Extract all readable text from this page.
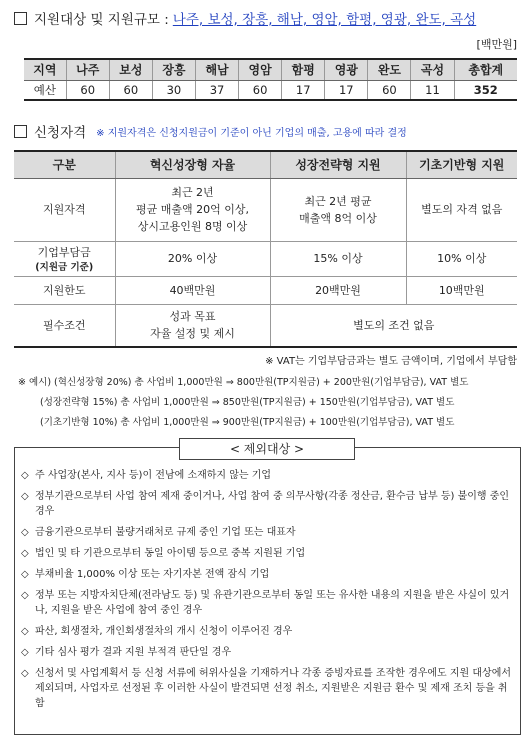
지원대상 및 지원규모 : 나주, 보성, 장흥, 해남, 영암, 함평, 영광, 완도, 곡성
[백만원]
지역	나주	보성	장흥	해남	영암	함평	영광	완도	곡성	총합계
예산	60	60	30	37	60	17	17	60	11	352
신청자격 ※ 지원자격은 신청지원금이 기준이 아닌 기업의 매출, 고용에 따라 결정
구분	혁신성장형 자율	성장전략형 지원	기초기반형 지원
지원자격	최근 2년
평균 매출액 20억 이상,
상시고용인원 8명 이상	최근 2년 평균
매출액 8억 이상	별도의 자격 없음

기업부담금
(지원금 기준)	20% 이상	15% 이상	10% 이상
지원한도	40백만원	20백만원	10백만원
필수조건	성과 목표
자율 설정 및 제시	별도의 조건 없음	
※ VAT는 기업부담금과는 별도 금액이며, 기업에서 부담함
※ 예시) (혁신성장형 20%) 총 사업비 1,000만원 ⇒ 800만원(TP지원금) + 200만원(기업부담금), VAT 별도
(성장전략형 15%) 총 사업비 1,000만원 ⇒ 850만원(TP지원금) + 150만원(기업부담금), VAT 별도
(기초기반형 10%) 총 사업비 1,000만원 ⇒ 900만원(TP지원금) + 100만원(기업부담금), VAT 별도
< 제외대상 >
◇ 주 사업장(본사, 지사 등)이 전남에 소재하지 않는 기업
◇ 정부기관으로부터 사업 참여 제재 중이거나, 사업 참여 중 의무사항(각종 정산금, 환수금 납부 등) 불이행 중인 경우
◇ 금융기관으로부터 불량거래처로 규제 중인 기업 또는 대표자
◇ 법인 및 타 기관으로부터 동일 아이템 등으로 중복 지원된 기업
◇ 부채비율 1,000% 이상 또는 자기자본 전액 잠식 기업
◇ 정부 또는 지방자치단체(전라남도 등) 및 유관기관으로부터 동일 또는 유사한 내용의 지원을 받은 사실이 있거나, 지원을 받은 사업에 참여 중인 경우
◇ 파산, 회생절차, 개인회생절차의 개시 신청이 이루어진 경우
◇ 기타 심사 평가 결과 지원 부적격 판단일 경우
◇ 신청서 및 사업계획서 등 신청 서류에 허위사실을 기재하거나 각종 증빙자료를 조작한 경우에도 지원 대상에서 제외되며, 사업자로 선정된 후 이러한 사실이 발견되면 선정 취소, 지원받은 지원금 환수 및 제재 조치 등을 취함
